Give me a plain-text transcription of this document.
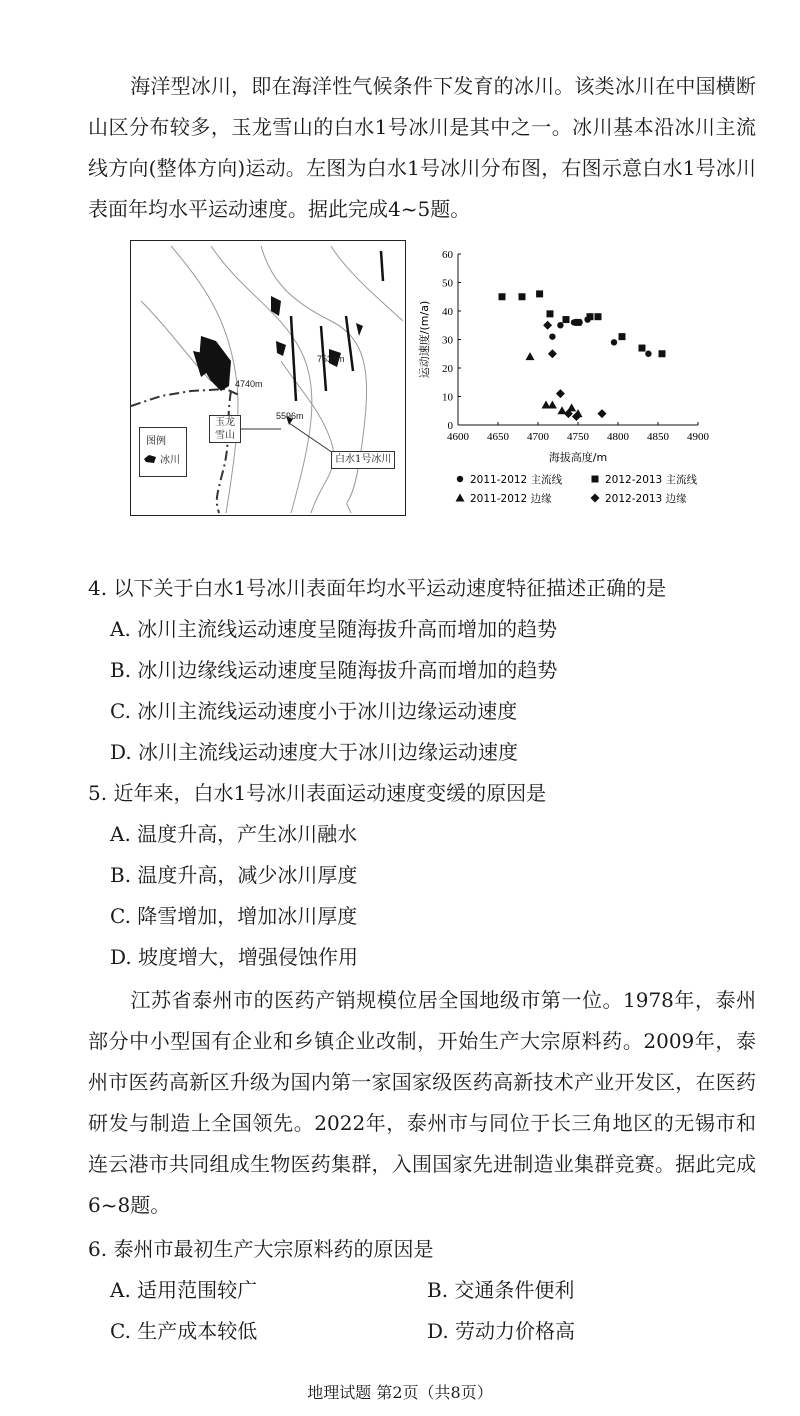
海洋型冰川，即在海洋性气候条件下发育的冰川。该类冰川在中国横断山区分布较多，玉龙雪山的白水1号冰川是其中之一。冰川基本沿冰川主流线方向(整体方向)运动。左图为白水1号冰川分布图，右图示意白水1号冰川表面年均水平运动速度。据此完成4~5题。

4740m
5596m
7538m
玉龙
雪山
白水1号冰川
图例
冰川
4600 4650 4700 4750 4800 4850 4900
0
10
20
30
40
50
60
海拔高度/m
运动速度/(m/a)
2011-2012 主流线	2012-2013 主流线
2011-2012 边缘	2012-2013 边缘

4. 以下关于白水1号冰川表面年均水平运动速度特征描述正确的是

A. 冰川主流线运动速度呈随海拔升高而增加的趋势

B. 冰川边缘线运动速度呈随海拔升高而增加的趋势

C. 冰川主流线运动速度小于冰川边缘运动速度

D. 冰川主流线运动速度大于冰川边缘运动速度

5. 近年来，白水1号冰川表面运动速度变缓的原因是

A. 温度升高，产生冰川融水

B. 温度升高，减少冰川厚度

C. 降雪增加，增加冰川厚度

D. 坡度增大，增强侵蚀作用

江苏省泰州市的医药产销规模位居全国地级市第一位。1978年，泰州部分中小型国有企业和乡镇企业改制，开始生产大宗原料药。2009年，泰州市医药高新区升级为国内第一家国家级医药高新技术产业开发区，在医药研发与制造上全国领先。2022年，泰州市与同位于长三角地区的无锡市和连云港市共同组成生物医药集群，入围国家先进制造业集群竞赛。据此完成6~8题。

6. 泰州市最初生产大宗原料药的原因是

A. 适用范围较广	B. 交通条件便利

C. 生产成本较低	D. 劳动力价格高

地理试题 第2页（共8页）
